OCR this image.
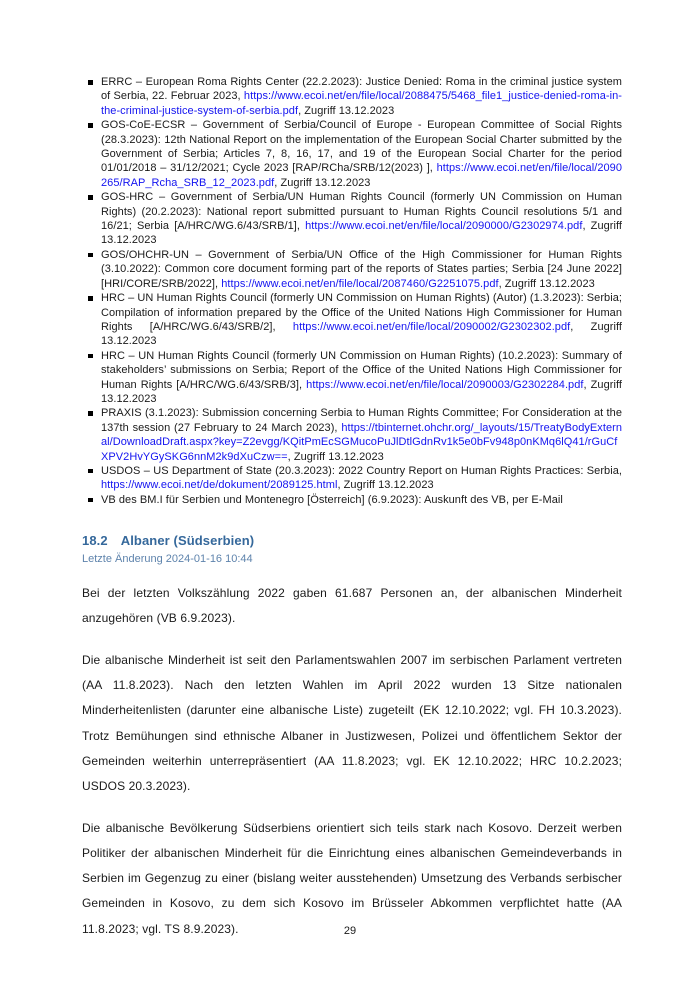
ERRC – European Roma Rights Center (22.2.2023): Justice Denied: Roma in the criminal justice system of Serbia, 22. Februar 2023, https://www.ecoi.net/en/file/local/2088475/5468_file1_justice-denied-roma-in-the-criminal-justice-system-of-serbia.pdf, Zugriff 13.12.2023
GOS-CoE-ECSR – Government of Serbia/Council of Europe - European Committee of Social Rights (28.3.2023): 12th National Report on the implementation of the European Social Charter submitted by the Government of Serbia; Articles 7, 8, 16, 17, and 19 of the European Social Charter for the period 01/01/2018 – 31/12/2021; Cycle 2023 [RAP/RCha/SRB/12(2023) ], https://www.ecoi.net/en/file/local/2090265/RAP_Rcha_SRB_12_2023.pdf, Zugriff 13.12.2023
GOS-HRC – Government of Serbia/UN Human Rights Council (formerly UN Commission on Human Rights) (20.2.2023): National report submitted pursuant to Human Rights Council resolutions 5/1 and 16/21; Serbia [A/HRC/WG.6/43/SRB/1], https://www.ecoi.net/en/file/local/2090000/G2302974.pdf, Zugriff 13.12.2023
GOS/OHCHR-UN – Government of Serbia/UN Office of the High Commissioner for Human Rights (3.10.2022): Common core document forming part of the reports of States parties; Serbia [24 June 2022] [HRI/CORE/SRB/2022], https://www.ecoi.net/en/file/local/2087460/G2251075.pdf, Zugriff 13.12.2023
HRC – UN Human Rights Council (formerly UN Commission on Human Rights) (Autor) (1.3.2023): Serbia; Compilation of information prepared by the Office of the United Nations High Commissioner for Human Rights [A/HRC/WG.6/43/SRB/2], https://www.ecoi.net/en/file/local/2090002/G2302302.pdf, Zugriff 13.12.2023
HRC – UN Human Rights Council (formerly UN Commission on Human Rights) (10.2.2023): Summary of stakeholders’ submissions on Serbia; Report of the Office of the United Nations High Commissioner for Human Rights [A/HRC/WG.6/43/SRB/3], https://www.ecoi.net/en/file/local/2090003/G2302284.pdf, Zugriff 13.12.2023
PRAXIS (3.1.2023): Submission concerning Serbia to Human Rights Committee; For Consideration at the 137th session (27 February to 24 March 2023), https://tbinternet.ohchr.org/_layouts/15/TreatyBodyExternal/DownloadDraft.aspx?key=Z2evgg/KQitPmEcSGMucoPuJlDtlGdnRv1k5e0bFv948p0nKMq6lQ41/rGuCfXPV2HvYGySKG6nnM2k9dXuCzw==, Zugriff 13.12.2023
USDOS – US Department of State (20.3.2023): 2022 Country Report on Human Rights Practices: Serbia, https://www.ecoi.net/de/dokument/2089125.html, Zugriff 13.12.2023
VB des BM.I für Serbien und Montenegro [Österreich] (6.9.2023): Auskunft des VB, per E-Mail
18.2 Albaner (Südserbien)
Letzte Änderung 2024-01-16 10:44

Bei der letzten Volkszählung 2022 gaben 61.687 Personen an, der albanischen Minderheit anzugehören (VB 6.9.2023).

Die albanische Minderheit ist seit den Parlamentswahlen 2007 im serbischen Parlament vertreten (AA 11.8.2023). Nach den letzten Wahlen im April 2022 wurden 13 Sitze nationalen Minderheitenlisten (darunter eine albanische Liste) zugeteilt (EK 12.10.2022; vgl. FH 10.3.2023). Trotz Bemühungen sind ethnische Albaner in Justizwesen, Polizei und öffentlichem Sektor der Gemeinden weiterhin unterrepräsentiert (AA 11.8.2023; vgl. EK 12.10.2022; HRC 10.2.2023; USDOS 20.3.2023).

Die albanische Bevölkerung Südserbiens orientiert sich teils stark nach Kosovo. Derzeit werben Politiker der albanischen Minderheit für die Einrichtung eines albanischen Gemeindeverbands in Serbien im Gegenzug zu einer (bislang weiter ausstehenden) Umsetzung des Verbands serbischer Gemeinden in Kosovo, zu dem sich Kosovo im Brüsseler Abkommen verpflichtet hatte (AA 11.8.2023; vgl. TS 8.9.2023).	29
